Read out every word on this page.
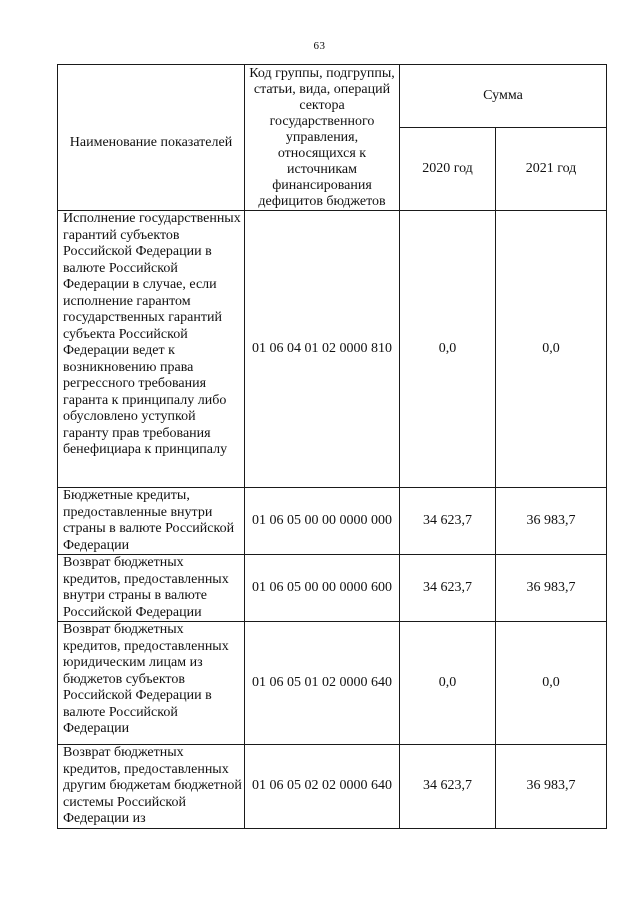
63
Наименование показателей	Код группы, подгруппы, статьи, вида, операций сектора государственного управления, относящихся к источникам финансирования дефицитов бюджетов	Сумма	
		2020 год	2021 год
Исполнение государственных гарантий субъектов Российской Федерации в валюте Российской Федерации в случае, если исполнение гарантом государственных гарантий субъекта Российской Федерации ведет к возникновению права регрессного требования гаранта к принципалу либо обусловлено уступкой гаранту прав требования бенефициара к принципалу	01 06 04 01 02 0000 810	0,0	0,0
Бюджетные кредиты, предоставленные внутри страны в валюте Российской Федерации	01 06 05 00 00 0000 000	34 623,7	36 983,7
Возврат бюджетных кредитов, предоставленных внутри страны в валюте Российской Федерации	01 06 05 00 00 0000 600	34 623,7	36 983,7
Возврат бюджетных кредитов, предоставленных юридическим лицам из бюджетов субъектов Российской Федерации в валюте Российской Федерации	01 06 05 01 02 0000 640	0,0	0,0
Возврат бюджетных кредитов, предоставленных другим бюджетам бюджетной системы Российской Федерации из	01 06 05 02 02 0000 640	34 623,7	36 983,7
